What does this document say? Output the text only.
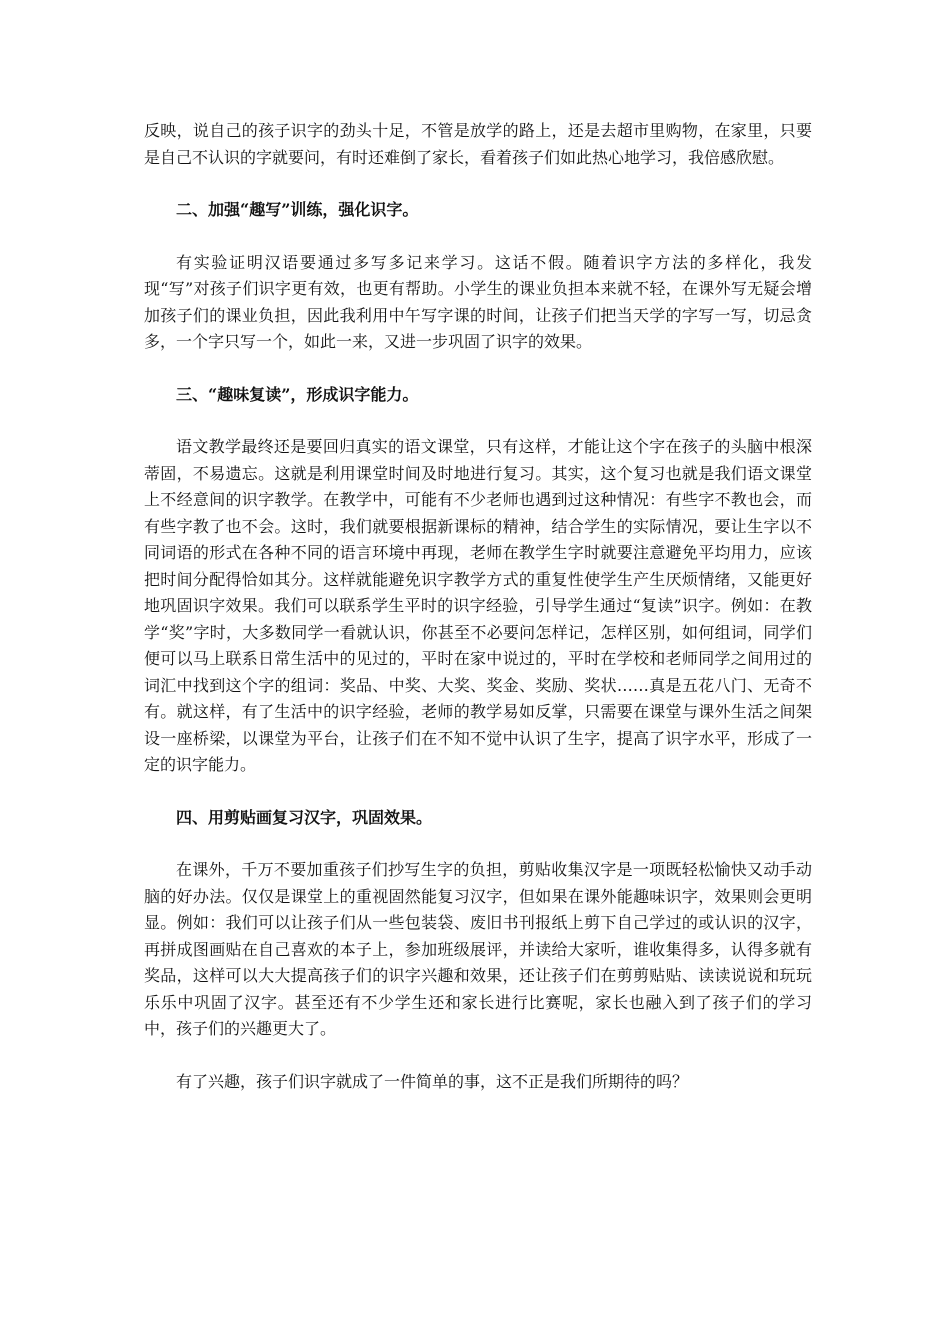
反映，说自己的孩子识字的劲头十足，不管是放学的路上，还是去超市里购物，在家里，只要是自己不认识的字就要问，有时还难倒了家长，看着孩子们如此热心地学习，我倍感欣慰。

二、加强“趣写”训练，强化识字。

有实验证明汉语要通过多写多记来学习。这话不假。随着识字方法的多样化，我发现“写”对孩子们识字更有效，也更有帮助。小学生的课业负担本来就不轻，在课外写无疑会增加孩子们的课业负担，因此我利用中午写字课的时间，让孩子们把当天学的字写一写，切忌贪多，一个字只写一个，如此一来，又进一步巩固了识字的效果。

三、“趣味复读”，形成识字能力。

语文教学最终还是要回归真实的语文课堂，只有这样，才能让这个字在孩子的头脑中根深蒂固，不易遗忘。这就是利用课堂时间及时地进行复习。其实，这个复习也就是我们语文课堂上不经意间的识字教学。在教学中，可能有不少老师也遇到过这种情况：有些字不教也会，而有些字教了也不会。这时，我们就要根据新课标的精神，结合学生的实际情况，要让生字以不同词语的形式在各种不同的语言环境中再现，老师在教学生字时就要注意避免平均用力，应该把时间分配得恰如其分。这样就能避免识字教学方式的重复性使学生产生厌烦情绪，又能更好地巩固识字效果。我们可以联系学生平时的识字经验，引导学生通过“复读”识字。例如：在教学“奖”字时，大多数同学一看就认识，你甚至不必要问怎样记，怎样区别，如何组词，同学们便可以马上联系日常生活中的见过的，平时在家中说过的，平时在学校和老师同学之间用过的词汇中找到这个字的组词：奖品、中奖、大奖、奖金、奖励、奖状……真是五花八门、无奇不有。就这样，有了生活中的识字经验，老师的教学易如反掌，只需要在课堂与课外生活之间架设一座桥梁，以课堂为平台，让孩子们在不知不觉中认识了生字，提高了识字水平，形成了一定的识字能力。

四、用剪贴画复习汉字，巩固效果。

在课外，千万不要加重孩子们抄写生字的负担，剪贴收集汉字是一项既轻松愉快又动手动脑的好办法。仅仅是课堂上的重视固然能复习汉字，但如果在课外能趣味识字，效果则会更明显。例如：我们可以让孩子们从一些包装袋、废旧书刊报纸上剪下自己学过的或认识的汉字，再拼成图画贴在自己喜欢的本子上，参加班级展评，并读给大家听，谁收集得多，认得多就有奖品，这样可以大大提高孩子们的识字兴趣和效果，还让孩子们在剪剪贴贴、读读说说和玩玩乐乐中巩固了汉字。甚至还有不少学生还和家长进行比赛呢，家长也融入到了孩子们的学习中，孩子们的兴趣更大了。

有了兴趣，孩子们识字就成了一件简单的事，这不正是我们所期待的吗？
